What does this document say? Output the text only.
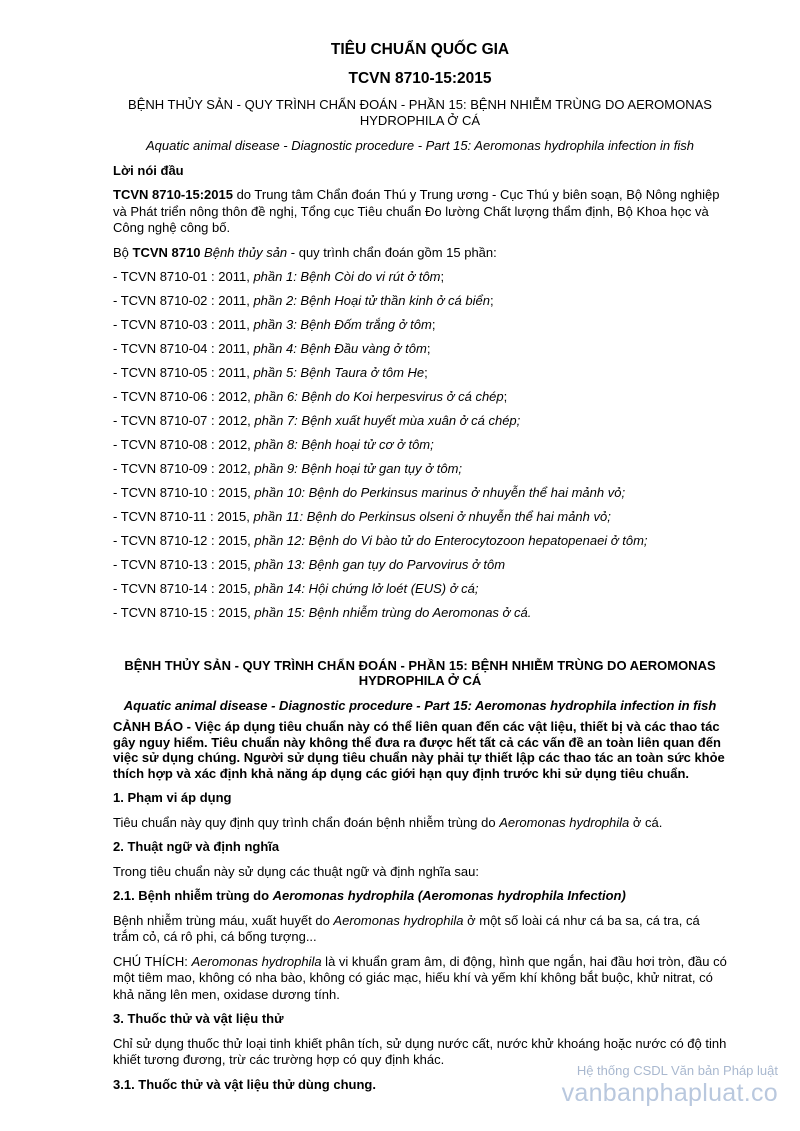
TIÊU CHUẨN QUỐC GIA

TCVN 8710-15:2015

BỆNH THỦY SẢN - QUY TRÌNH CHẨN ĐOÁN - PHẦN 15: BỆNH NHIỄM TRÙNG DO AEROMONAS HYDROPHILA Ở CÁ

Aquatic animal disease - Diagnostic procedure - Part 15: Aeromonas hydrophila infection in fish

Lời nói đầu

TCVN 8710-15:2015 do Trung tâm Chẩn đoán Thú y Trung ương - Cục Thú y biên soạn, Bộ Nông nghiệp và Phát triển nông thôn đề nghị, Tổng cục Tiêu chuẩn Đo lường Chất lượng thẩm định, Bộ Khoa học và Công nghệ công bố.

Bộ TCVN 8710 Bệnh thủy sản - quy trình chẩn đoán gồm 15 phần:

- TCVN 8710-01 : 2011, phần 1: Bệnh Còi do vi rút ở tôm;

- TCVN 8710-02 : 2011, phần 2: Bệnh Hoại tử thần kinh ở cá biển;

- TCVN 8710-03 : 2011, phần 3: Bệnh Đốm trắng ở tôm;

- TCVN 8710-04 : 2011, phần 4: Bệnh Đầu vàng ở tôm;

- TCVN 8710-05 : 2011, phần 5: Bệnh Taura ở tôm He;

- TCVN 8710-06 : 2012, phần 6: Bệnh do Koi herpesvirus ở cá chép;

- TCVN 8710-07 : 2012, phần 7: Bệnh xuất huyết mùa xuân ở cá chép;

- TCVN 8710-08 : 2012, phần 8: Bệnh hoại tử cơ ở tôm;

- TCVN 8710-09 : 2012, phần 9: Bệnh hoại tử gan tụy ở tôm;

- TCVN 8710-10 : 2015, phần 10: Bệnh do Perkinsus marinus ở nhuyễn thể hai mảnh vỏ;

- TCVN 8710-11 : 2015, phần 11: Bệnh do Perkinsus olseni ở nhuyễn thể hai mảnh vỏ;

- TCVN 8710-12 : 2015, phần 12: Bệnh do Vi bào tử do Enterocytozoon hepatopenaei ở tôm;

- TCVN 8710-13 : 2015, phần 13: Bệnh gan tụy do Parvovirus ở tôm

- TCVN 8710-14 : 2015, phần 14: Hội chứng lở loét (EUS) ở cá;

- TCVN 8710-15 : 2015, phần 15: Bệnh nhiễm trùng do Aeromonas ở cá.

BỆNH THỦY SẢN - QUY TRÌNH CHẨN ĐOÁN - PHẦN 15: BỆNH NHIỄM TRÙNG DO AEROMONAS HYDROPHILA Ở CÁ

Aquatic animal disease - Diagnostic procedure - Part 15: Aeromonas hydrophila infection in fish

CẢNH BÁO - Việc áp dụng tiêu chuẩn này có thể liên quan đến các vật liệu, thiết bị và các thao tác gây nguy hiểm. Tiêu chuẩn này không thể đưa ra được hết tất cả các vấn đề an toàn liên quan đến việc sử dụng chúng. Người sử dụng tiêu chuẩn này phải tự thiết lập các thao tác an toàn sức khỏe thích hợp và xác định khả năng áp dụng các giới hạn quy định trước khi sử dụng tiêu chuẩn.

1. Phạm vi áp dụng

Tiêu chuẩn này quy định quy trình chẩn đoán bệnh nhiễm trùng do Aeromonas hydrophila ở cá.

2. Thuật ngữ và định nghĩa

Trong tiêu chuẩn này sử dụng các thuật ngữ và định nghĩa sau:

2.1. Bệnh nhiễm trùng do Aeromonas hydrophila (Aeromonas hydrophila Infection)

Bệnh nhiễm trùng máu, xuất huyết do Aeromonas hydrophila ở một số loài cá như cá ba sa, cá tra, cá trắm cỏ, cá rô phi, cá bống tượng...

CHÚ THÍCH: Aeromonas hydrophila là vi khuẩn gram âm, di động, hình que ngắn, hai đầu hơi tròn, đầu có một tiêm mao, không có nha bào, không có giác mạc, hiếu khí và yếm khí không bắt buộc, khử nitrat, có khả năng lên men, oxidase dương tính.

3. Thuốc thử và vật liệu thử

Chỉ sử dụng thuốc thử loại tinh khiết phân tích, sử dụng nước cất, nước khử khoáng hoặc nước có độ tinh khiết tương đương, trừ các trường hợp có quy định khác.

3.1. Thuốc thử và vật liệu thử dùng chung.

Hệ thống CSDL Văn bản Pháp luật
vanbanphapluat.co
